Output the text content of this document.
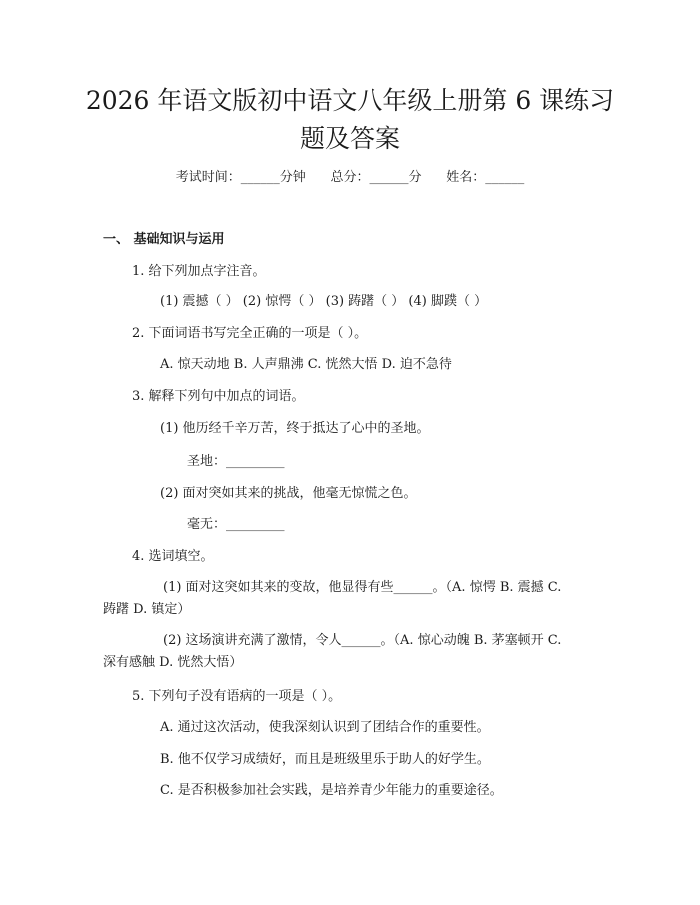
2026 年语文版初中语文八年级上册第 6 课练习题及答案
考试时间：______分钟      总分：______分      姓名：______
一、 基础知识与运用
1. 给下列加点字注音。
(1) 震撼（ ） (2) 惊愕（ ） (3) 踌躇（ ） (4) 脚蹼（ ）
2. 下面词语书写完全正确的一项是（ ）。
A. 惊天动地 B. 人声鼎沸 C. 恍然大悟 D. 迫不急待
3. 解释下列句中加点的词语。
(1) 他历经千辛万苦，终于抵达了心中的圣地。
圣地：_________
(2) 面对突如其来的挑战，他毫无惊慌之色。
毫无：_________
4. 选词填空。

(1) 面对这突如其来的变故，他显得有些______。（A. 惊愕 B. 震撼 C.

踌躇 D. 镇定）

(2) 这场演讲充满了激情，令人______。（A. 惊心动魄 B. 茅塞顿开 C.

深有感触 D. 恍然大悟）

5. 下列句子没有语病的一项是（ ）。
A. 通过这次活动，使我深刻认识到了团结合作的重要性。
B. 他不仅学习成绩好，而且是班级里乐于助人的好学生。
C. 是否积极参加社会实践，是培养青少年能力的重要途径。
